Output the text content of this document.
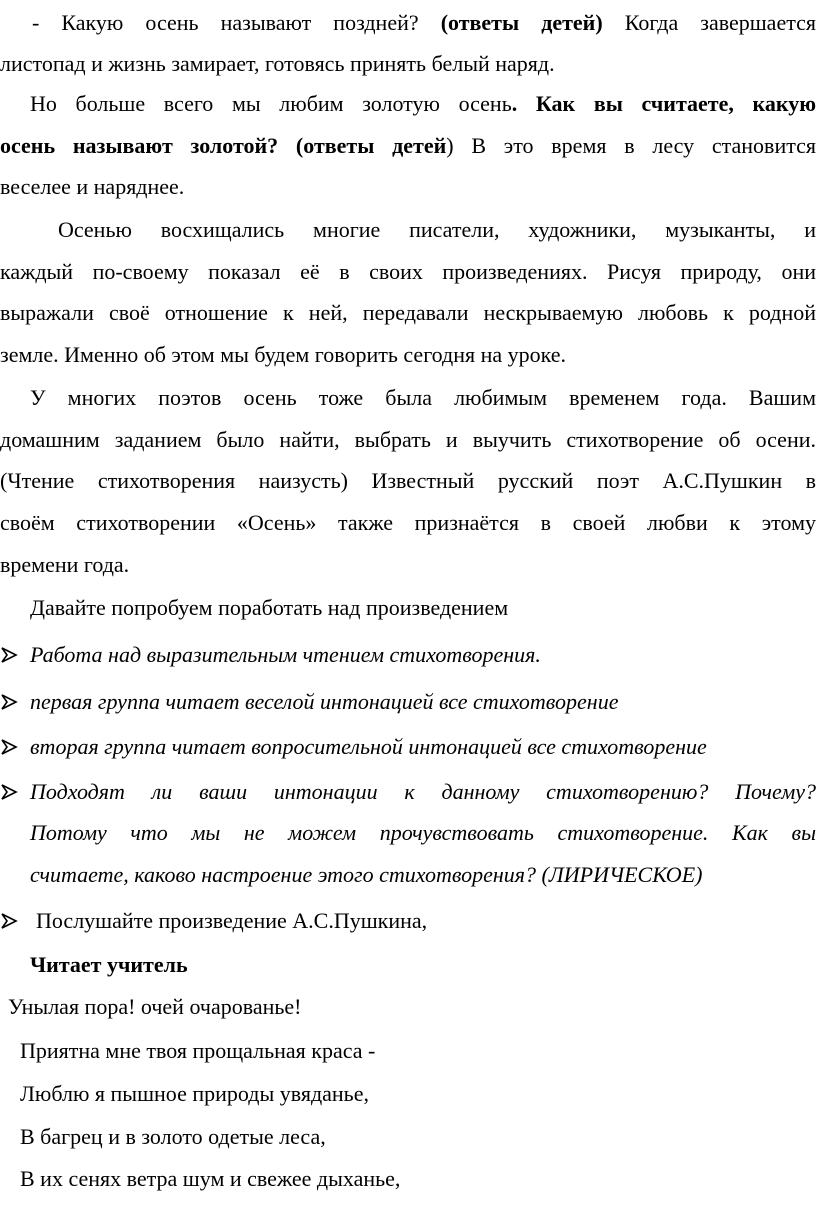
- Какую осень называют поздней? (ответы детей) Когда завершается
листопад и жизнь замирает, готовясь принять белый наряд.
Но больше всего мы любим золотую осень. Как вы считаете, какую
осень называют золотой? (ответы детей) В это время в лесу становится
веселее и наряднее.
Осенью восхищались многие писатели, художники, музыканты, и
каждый по-своему показал её в своих произведениях. Рисуя природу, они
выражали своё отношение к ней, передавали нескрываемую любовь к родной
земле. Именно об этом мы будем говорить сегодня на уроке.
У многих поэтов осень тоже была любимым временем года. Вашим
домашним заданием было найти, выбрать и выучить стихотворение об осени.
(Чтение стихотворения наизусть) Известный русский поэт А.С.Пушкин в
своём стихотворении «Осень» также признаётся в своей любви к этому
времени года.
Давайте попробуем поработать над произведением
Работа над выразительным чтением стихотворения.
первая группа читает веселой интонацией все стихотворение
вторая группа читает вопросительной интонацией все стихотворение
Подходят ли ваши интонации к данному стихотворению? Почему?
Потому что мы не можем прочувствовать стихотворение. Как вы
считаете, каково настроение этого стихотворения? (ЛИРИЧЕСКОЕ)
Послушайте произведение А.С.Пушкина,
Читает учитель
Унылая пора! очей очарованье!
Приятна мне твоя прощальная краса -
Люблю я пышное природы увяданье,
В багрец и в золото одетые леса,
В их сенях ветра шум и свежее дыханье,
